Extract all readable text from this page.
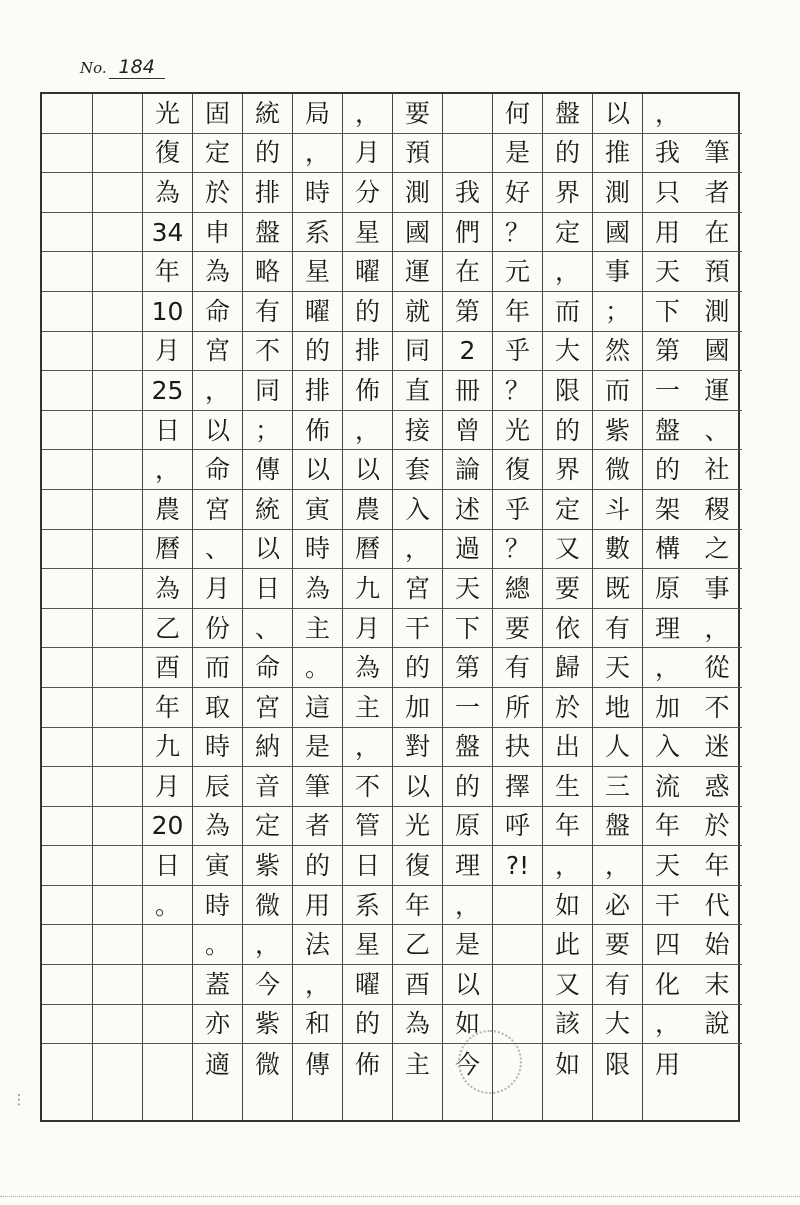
No. 184
筆
者
在
預
測
國
運
、
社
稷
之
事
，
從
不
迷
惑
於
年
代
始
末
說
，
我
只
用
天
下
第
一
盤
的
架
構
原
理
，
加
入
流
年
天
干
四
化
，
用
以
推
測
國
事
；
然
而
紫
微
斗
數
既
有
天
地
人
三
盤
，
必
要
有
大
限
盤
的
界
定
，
而
大
限
的
界
定
又
要
依
歸
於
出
生
年
，
如
此
又
該
如
何
是
好
？
元
年
乎
？
光
復
乎
？
總
要
有
所
抉
擇
呼
?!
我
們
在
第
2
冊
曾
論
述
過
天
下
第
一
盤
的
原
理
，
是
以
如
今
要
預
測
國
運
就
同
直
接
套
入
，
宮
干
的
加
對
以
光
復
年
乙
酉
為
主
，
月
分
星
曜
的
排
佈
，
以
農
曆
九
月
為
主
，
不
管
日
系
星
曜
的
佈
局
，
時
系
星
曜
的
排
佈
以
寅
時
為
主
。
這
是
筆
者
的
用
法
，
和
傳
統
的
排
盤
略
有
不
同
；
傳
統
以
日
、
命
宮
納
音
定
紫
微
，
今
紫
微
固
定
於
申
為
命
宮
，
以
命
宮
、
月
份
而
取
時
辰
為
寅
時
。
蓋
亦
適
光
復
為
34
年
10
月
25
日
，
農
曆
為
乙
酉
年
九
月
20
日
。
⋮
